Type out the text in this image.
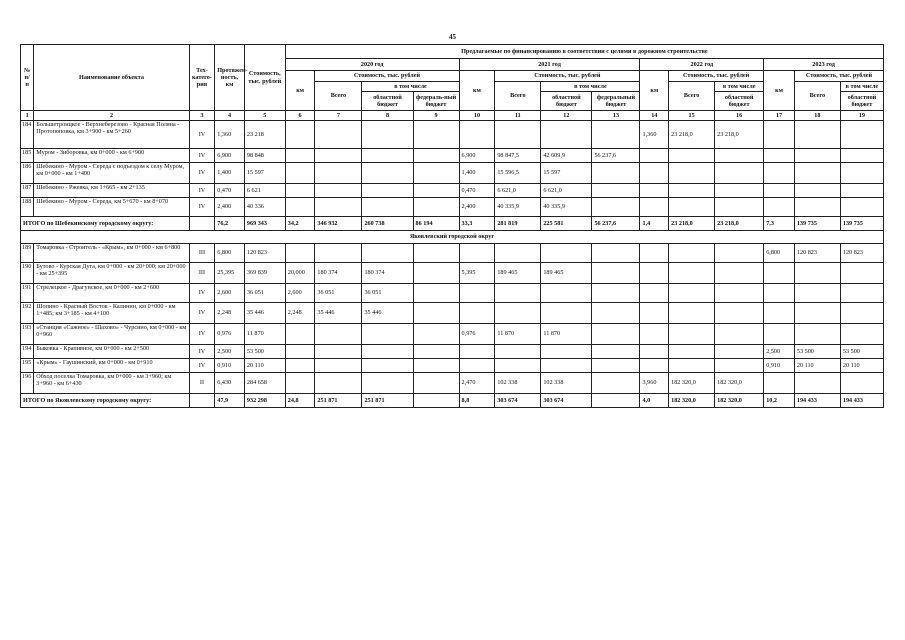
45
№ п/п	Наименование объекта	Тех-катего-рия	Протяжен-ность, км	Стоимость, тыс. рублей	Предлагаемые по финансированию в соответствии с целями в дорожном строительстве													
					2020 год				2021 год				2022 год			2023 год		
					км	Стоимость, тыс. рублей			км	Стоимость, тыс. рублей			км	Стоимость, тыс. рублей		км	Стоимость, тыс. рублей	
						Всего	в том числе			Всего	в том числе			Всего	в том числе		Всего	в том числе
							областной бюджет	федераль-ный бюджет			областной бюджет	федеральный бюджет			областной бюджет			областной бюджет
1	2	3	4	5	6	7	8	9	10	11	12	13	14	15	16	17	18	19
184	Большетроицкое - Верхнеберезово - Красная Поляна - Протопоповка, км 3+900 - км 5+260	IV	1,360	23 218									1,360	23 218,0	23 218,0			
185	Муром - Зиборовка, км 0+000 - км 6+900	IV	6,900	98 848					6,900	98 847,5	42 609,9	56 237,6						
186	Шебекино - Муром - Середа с подъездом к селу Муром, км 0+000 - км 1+400	IV	1,400	15 597					1,400	15 596,5	15 597							
187	Шебекино - Ржевка, км 1+665 - км 2+135	IV	0,470	6 621					0,470	6 621,0	6 621,0							
188	Шебекино - Муром - Середа, км 5+670 - км 8+070	IV	2,400	40 336					2,400	40 335,9	40 335,9							
ИТОГО по Шебекинскому городскому округу:			76,2	969 343	34,2	346 932	260 738	86 194	33,3	281 819	225 581	56 237,6	1,4	23 218,0	23 218,0	7,3	139 735	139 735
Яковлевский городской округ																		
189	Томаровка - Строитель - «Крым», км 0+000 - км 6+800	III	6,800	120 823												6,800	120 823	120 823
190	Бутово - Курская Дуга, км 0+000 - км 20+000; км 20+000 - км 25+395	III	25,395	369 839	20,000	180 374	180 374		5,395	189 465	189 465							
191	Стрелецкое - Драгунское, км 0+000 - км 2+600	IV	2,600	36 051	2,600	36 051	36 051											
192	Шопино - Красный Восток - Калинин, км 0+000 - км 1+485; км 3+185 - км 4+100	IV	2,248	35 446	2,248	35 446	35 446											
193	«Станция «Сажное» - Шахово» - Чурсино, км 0+000 - км 0+960	IV	0,976	11 870					0,976	11 870	11 870							
194	Быковка - Крапивное, км 0+000 - км 2+500	IV	2,500	53 500												2,500	53 500	53 500
195	«Крым» - Гаушинский, км 0+000 - км 0+910	IV	0,910	20 110												0,910	20 110	20 110
196	Обход поселка Томаровка, км 0+000 - км 3+960; км 3+960 - км 6+430	II	6,430	284 658					2,470	102 338	102 338		3,960	182 320,0	182 320,0			
ИТОГО по Яковлевскому городскому округу:			47,9	932 298	24,8	251 871	251 871		8,8	303 674	303 674		4,0	182 320,0	182 320,0	10,2	194 433	194 433
